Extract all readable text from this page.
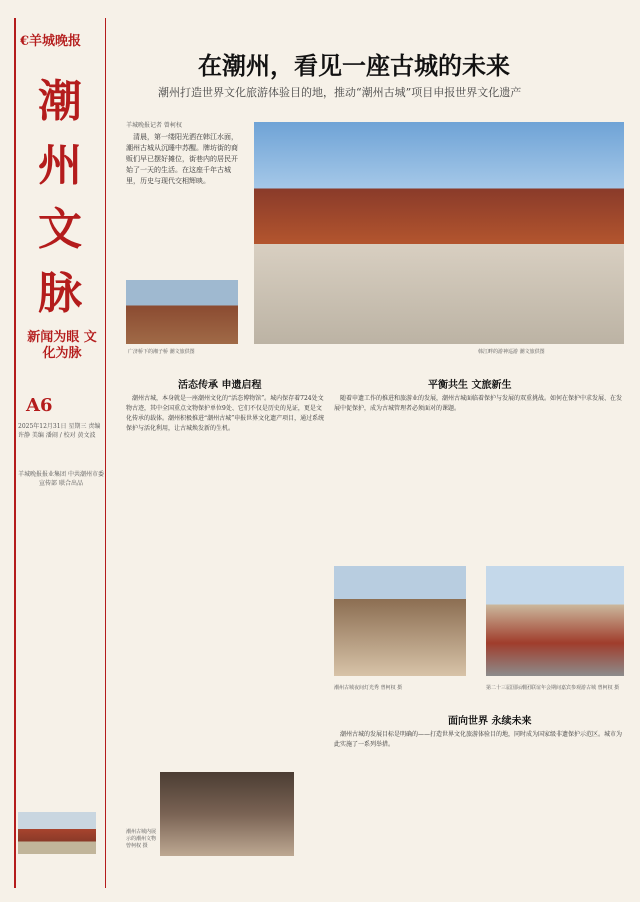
€羊城晚报
潮州文脉
新闻为眼 文化为脉
A6
2025年12月31日 星期三 责编 许静 美编 潘闹 / 校对 黄文波
羊城晚报报业集团 中共潮州市委宣传部 联合出品
在潮州，看见一座古城的未来
潮州打造世界文化旅游体验目的地，推动“潮州古城”项目申报世界文化遗产
羊城晚报记者 曾柯权
清晨，第一缕阳光洒在韩江水面，潮州古城从沉睡中苏醒。牌坊街的商贩们早已摆好摊位，街巷内的居民开始了一天的生活。在这座千年古城里，历史与现代交相辉映。
韩江畔的游神巡游 潮文旅供图
广济桥下的湘子桥 潮文旅供图
活态传承 申遗启程
潮州古城，本身就是一座潮州文化的“活态博物馆”。城内保存着724处文物古迹，其中全国重点文物保护单位9处、它们不仅是历史的见证，更是文化传承的载体。潮州积极推进“潮州古城”申报世界文化遗产项目，通过系统保护与活化利用，让古城焕发新的生机。
平衡共生 文旅新生
随着申遗工作的推进和旅游业的发展，潮州古城面临着保护与发展的双重挑战。如何在保护中求发展、在发展中促保护，成为古城管理者必须面对的课题。
潮州古城夜间灯光秀 曾柯权 摄	第二十三届国际潮团联谊年会期间嘉宾参观游古城 曾柯权 摄
面向世界 永续未来
潮州古城的发展目标是明确的——打造世界文化旅游体验目的地，同时成为国家级非遗保护示范区。城市为此实施了一系列举措。
潮州古城内展示的潮州文物 曾柯权 摄
